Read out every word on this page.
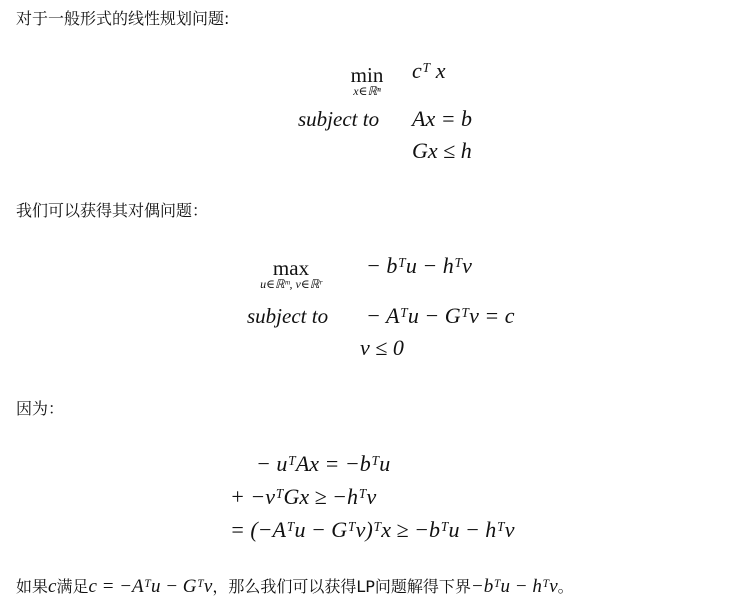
对于一般形式的线性规划问题:

min
x∈ℝⁿ
cᵀ x
subject to Ax = b
Gx ≤ h

我们可以获得其对偶问题：

max
u∈ℝᵐ, v∈ℝʳ
− bᵀu − hᵀv
subject to − Aᵀu − Gᵀv = c
v ≤ 0

因为：

− uᵀAx = −bᵀu
+ −vᵀGx ≥ −hᵀv
= (−Aᵀu − Gᵀv)ᵀx ≥ −bᵀu − hᵀv

如果c满足c = −Aᵀu − Gᵀv，那么我们可以获得LP问题解得下界−bᵀu − hᵀv。
